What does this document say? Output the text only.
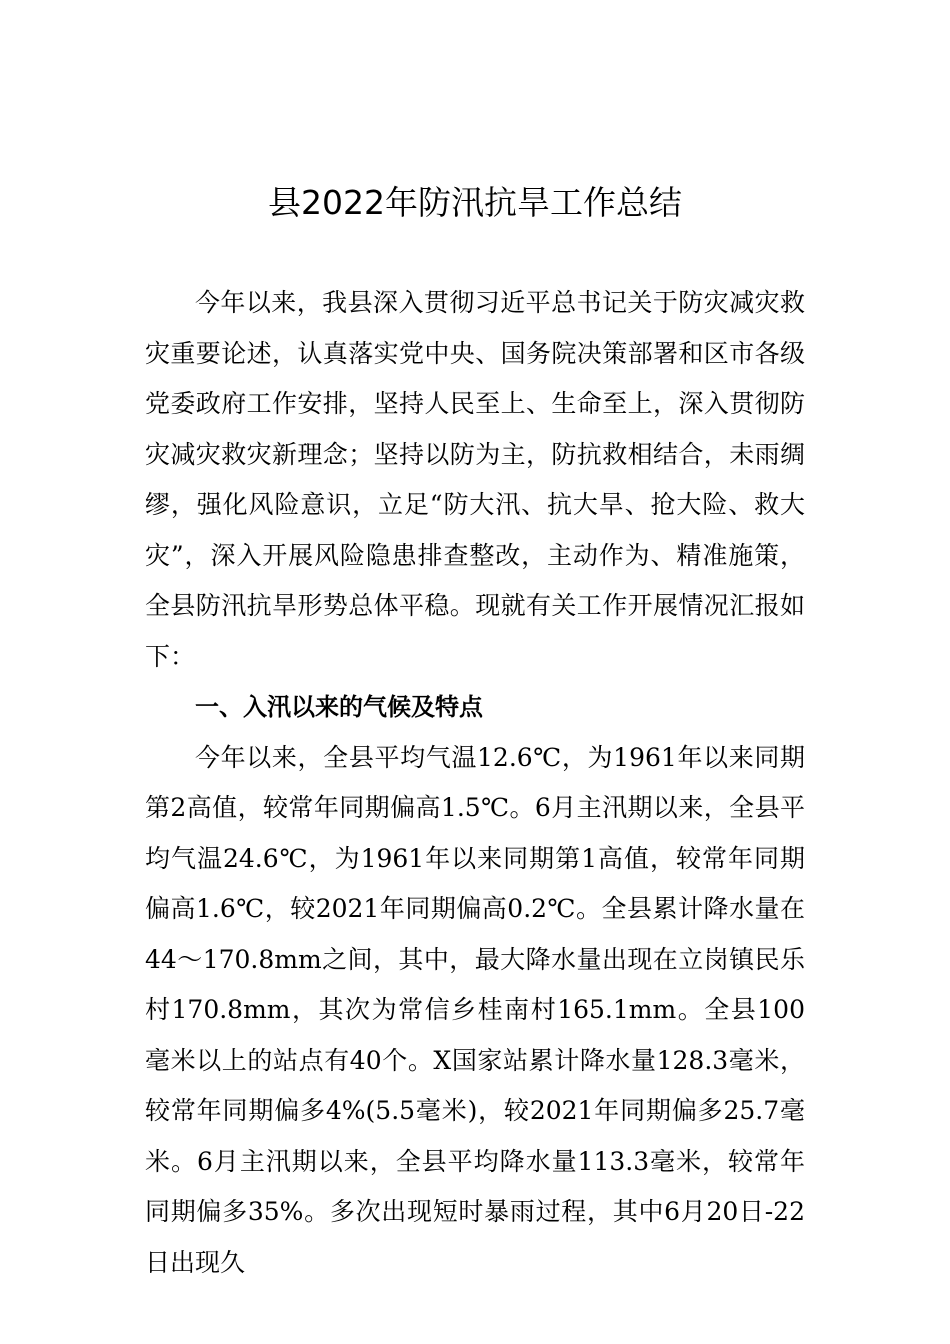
县2022年防汛抗旱工作总结

今年以来，我县深入贯彻习近平总书记关于防灾减灾救灾重要论述，认真落实党中央、国务院决策部署和区市各级党委政府工作安排，坚持人民至上、生命至上，深入贯彻防灾减灾救灾新理念；坚持以防为主，防抗救相结合，未雨绸缪，强化风险意识，立足“防大汛、抗大旱、抢大险、救大灾”，深入开展风险隐患排查整改，主动作为、精准施策，全县防汛抗旱形势总体平稳。现就有关工作开展情况汇报如下：

一、入汛以来的气候及特点

今年以来，全县平均气温12.6℃，为1961年以来同期第2高值，较常年同期偏高1.5℃。6月主汛期以来，全县平均气温24.6℃，为1961年以来同期第1高值，较常年同期偏高1.6℃，较2021年同期偏高0.2℃。全县累计降水量在44～170.8mm之间，其中，最大降水量出现在立岗镇民乐村170.8mm，其次为常信乡桂南村165.1mm。全县100毫米以上的站点有40个。X国家站累计降水量128.3毫米，较常年同期偏多4%(5.5毫米)，较2021年同期偏多25.7毫米。6月主汛期以来，全县平均降水量113.3毫米，较常年同期偏多35%。多次出现短时暴雨过程，其中6月20日-22日出现久
